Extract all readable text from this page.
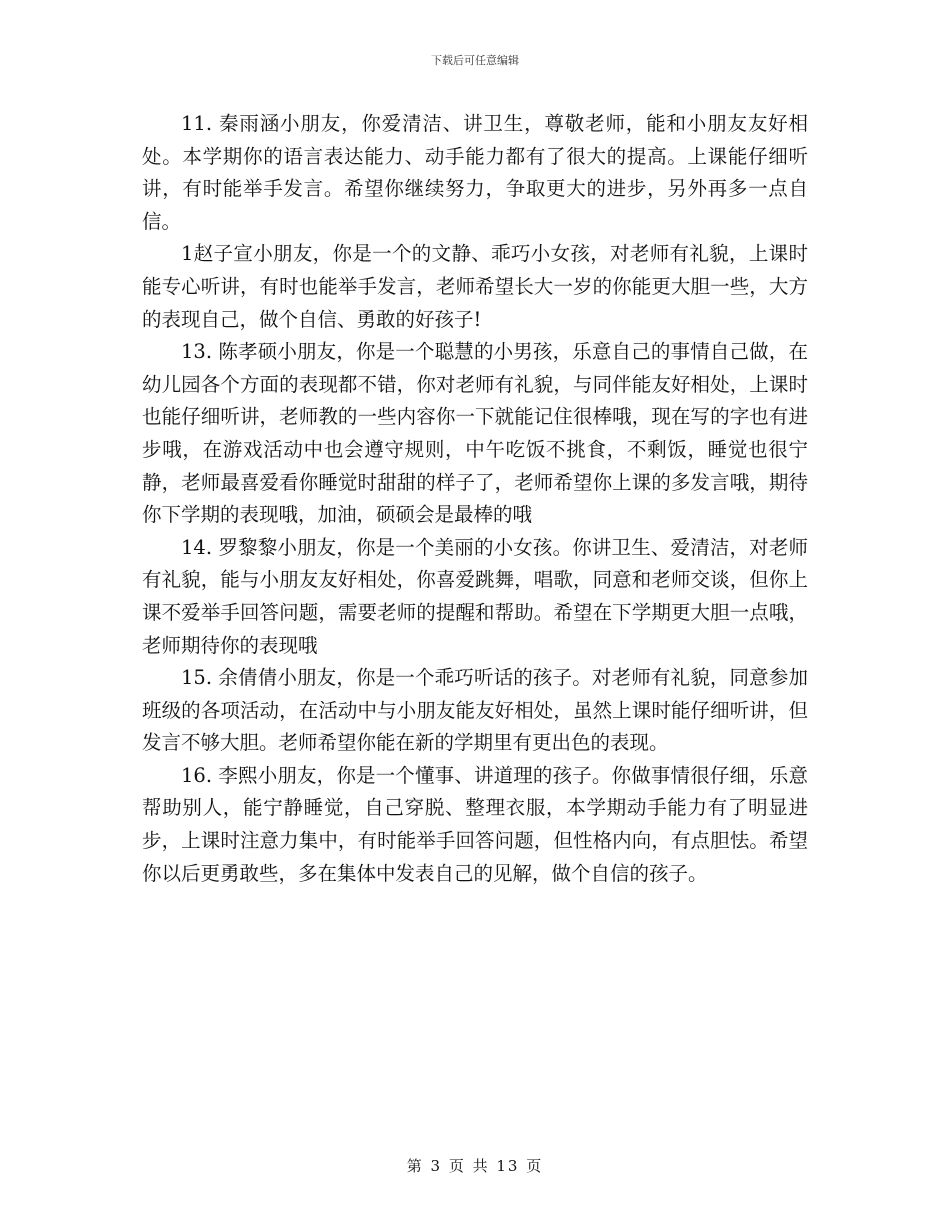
下载后可任意编辑

11. 秦雨涵小朋友，你爱清洁、讲卫生，尊敬老师，能和小朋友友好相处。本学期你的语言表达能力、动手能力都有了很大的提高。上课能仔细听讲，有时能举手发言。希望你继续努力，争取更大的进步，另外再多一点自信。

1赵子宣小朋友，你是一个的文静、乖巧小女孩，对老师有礼貌，上课时能专心听讲，有时也能举手发言，老师希望长大一岁的你能更大胆一些，大方的表现自己，做个自信、勇敢的好孩子!

13. 陈孝硕小朋友，你是一个聪慧的小男孩，乐意自己的事情自己做，在幼儿园各个方面的表现都不错，你对老师有礼貌，与同伴能友好相处，上课时也能仔细听讲，老师教的一些内容你一下就能记住很棒哦，现在写的字也有进步哦，在游戏活动中也会遵守规则，中午吃饭不挑食，不剩饭，睡觉也很宁静，老师最喜爱看你睡觉时甜甜的样子了，老师希望你上课的多发言哦，期待你下学期的表现哦，加油，硕硕会是最棒的哦

14. 罗黎黎小朋友，你是一个美丽的小女孩。你讲卫生、爱清洁，对老师有礼貌，能与小朋友友好相处，你喜爱跳舞，唱歌，同意和老师交谈，但你上课不爱举手回答问题，需要老师的提醒和帮助。希望在下学期更大胆一点哦，老师期待你的表现哦

15. 余倩倩小朋友，你是一个乖巧听话的孩子。对老师有礼貌，同意参加班级的各项活动，在活动中与小朋友能友好相处，虽然上课时能仔细听讲，但发言不够大胆。老师希望你能在新的学期里有更出色的表现。

16. 李熙小朋友，你是一个懂事、讲道理的孩子。你做事情很仔细，乐意帮助别人，能宁静睡觉，自己穿脱、整理衣服，本学期动手能力有了明显进步，上课时注意力集中，有时能举手回答问题，但性格内向，有点胆怯。希望你以后更勇敢些，多在集体中发表自己的见解，做个自信的孩子。

第 3 页 共 13 页
